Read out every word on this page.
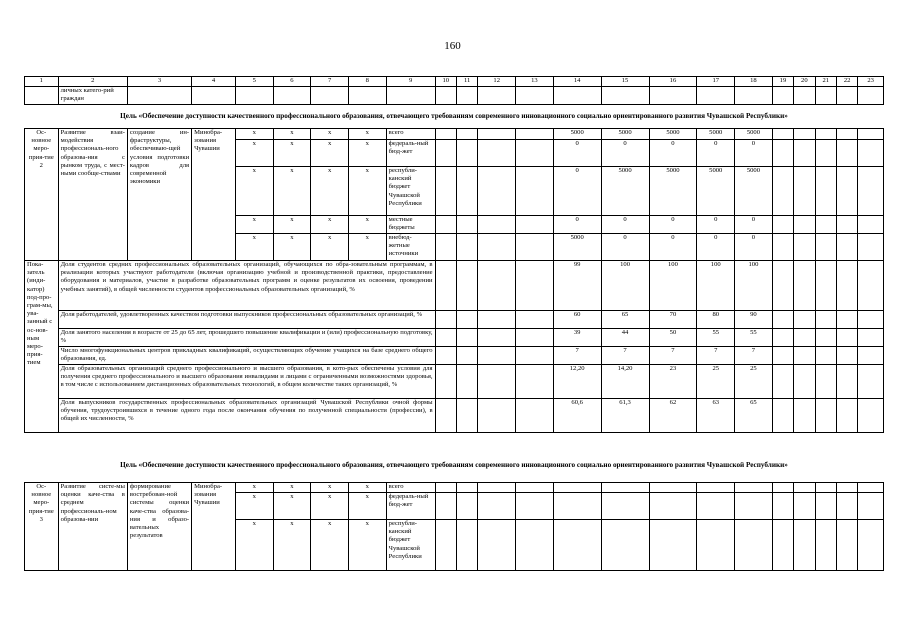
160
1	2	3	4	5	6	7	8	9	10	11	12	13	14	15	16	17	18	19	20	21	22	23
	личных катего-рий граждан																					
Цель «Обеспечение доступности качественного профессионального образования, отвечающего требованиям современного инновационного социально ориентированного развития Чувашской Республики»																						
Ос-новное меро-прия-тие 2	Развитие взаи-модействия профессиональ-ного образова-ния с рынком труда, с мест-ными сообще-ствами	создание ин-фраструктуры, обеспечиваю-щей условия подготовки кадров для современной экономики	Минобра-зования Чувашии	x	x	x	x	всего					5000	5000	5000	5000	5000					
				x	x	x	x	федераль-ный бюд-жет					0	0	0	0	0					
				x	x	x	x	республи-канский бюджет Чувашской Республики					0	5000	5000	5000	5000					
				x	x	x	x	местные бюджеты					0	0	0	0	0					
				x	x	x	x	внебюд-жетные источники					5000	0	0	0	0					
Пока-затель (инди-катор) под-про-грам-мы, ува-занный с ос-нов-ным меро-прия-тием	Доля студентов средних профессиональных образовательных организаций, обучающихся по обра-зовательным программам, в реализации которых участвуют работодатели (включая организацию учебной и производственной практики, предоставление оборудования и материалов, участие в разработке образовательных программ и оценке результатов их освоения, проведении учебных занятий), в общей численности студентов профессиональных образовательных организаций, %												99	100	100	100	100					
	Доля работодателей, удовлетворенных качеством подготовки выпускников профессиональных образовательных организаций, %												60	65	70	80	90					
	Доля занятого населения в возрасте от 25 до 65 лет, прошедшего повышение квалификации и (или) профессиональную подготовку, %												39	44	50	55	55					
	Число многофункциональных центров прикладных квалификаций, осуществляющих обучение учащихся на базе среднего общего образования, ед.												7	7	7	7	7					
	Доля образовательных организаций среднего профессионального и высшего образования, в кото-рых обеспечены условия для получения среднего профессионального и высшего образования инвалидами и лицами с ограниченными возможностями здоровья, в том числе с использованием дистанционных образовательных технологий, в общем количестве таких организаций, %												12,20	14,20	23	25	25					
	Доля выпускников государственных профессиональных образовательных организаций Чувашской Республики очной формы обучения, трудоустроившихся в течение одного года после окончания обучения по полученной специальности (профессии), в общей их численности, %												60,6	61,3	62	63	65					
Ос-новное меро-прия-тие 3	Развитие систе-мы оценки каче-ства в среднем профессиональ-ном образова-нии	формирование востребован-ной системы оценки каче-ства образова-ния и образо-вательных результатов	Минобра-зования Чувашии	x	x	x	x	всего														
				x	x	x	x	федераль-ный бюд-жет														
				x	x	x	x	республи-канский бюджет Чувашской Республики														
Цель «Обеспечение доступности качественного профессионального образования, отвечающего требованиям современного инновационного социально ориентированного развития Чувашской Республики»
